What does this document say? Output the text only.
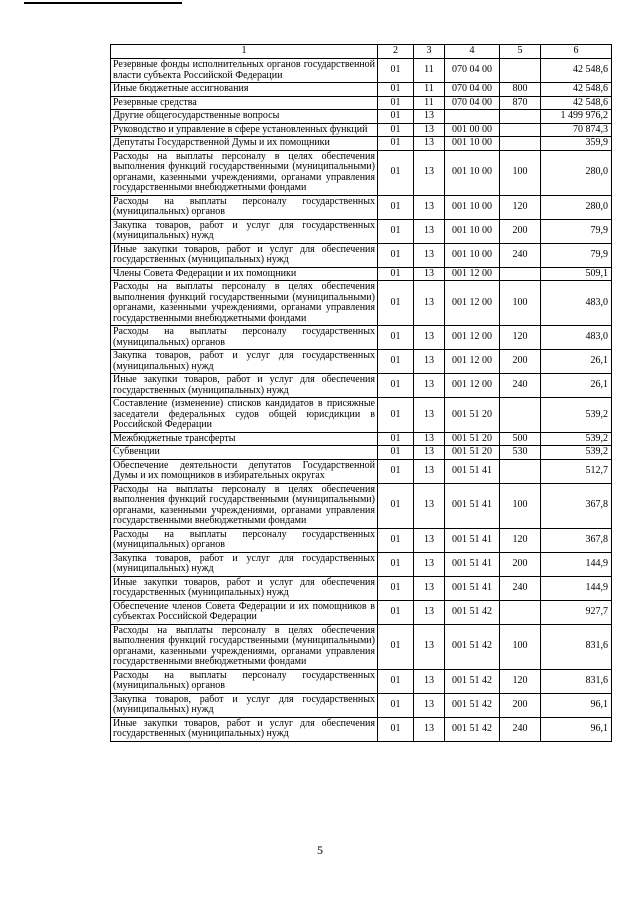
1	2	3	4	5	6
Резервные фонды исполнительных органов государственной власти субъекта Российской Федерации	01	11	070 04 00		42 548,6
Иные бюджетные ассигнования	01	11	070 04 00	800	42 548,6
Резервные средства	01	11	070 04 00	870	42 548,6
Другие общегосударственные вопросы	01	13			1 499 976,2
Руководство и управление в сфере установленных функций	01	13	001 00 00		70 874,3
Депутаты Государственной Думы и их помощники	01	13	001 10 00		359,9
Расходы на выплаты персоналу в целях обеспечения выполнения функций государственными (муниципальными) органами, казенными учреждениями, органами управления государственными внебюджетными фондами	01	13	001 10 00	100	280,0
Расходы на выплаты персоналу государственных (муниципальных) органов	01	13	001 10 00	120	280,0
Закупка товаров, работ и услуг для государственных (муниципальных) нужд	01	13	001 10 00	200	79,9
Иные закупки товаров, работ и услуг для обеспечения государственных (муниципальных) нужд	01	13	001 10 00	240	79,9
Члены Совета Федерации и их помощники	01	13	001 12 00		509,1
Расходы на выплаты персоналу в целях обеспечения выполнения функций государственными (муниципальными) органами, казенными учреждениями, органами управления государственными внебюджетными фондами	01	13	001 12 00	100	483,0
Расходы на выплаты персоналу государственных (муниципальных) органов	01	13	001 12 00	120	483,0
Закупка товаров, работ и услуг для государственных (муниципальных) нужд	01	13	001 12 00	200	26,1
Иные закупки товаров, работ и услуг для обеспечения государственных (муниципальных) нужд	01	13	001 12 00	240	26,1
Составление (изменение) списков кандидатов в присяжные заседатели федеральных судов общей юрисдикции в Российской Федерации	01	13	001 51 20		539,2
Межбюджетные трансферты	01	13	001 51 20	500	539,2
Субвенции	01	13	001 51 20	530	539,2
Обеспечение деятельности депутатов Государственной Думы и их помощников в избирательных округах	01	13	001 51 41		512,7
Расходы на выплаты персоналу в целях обеспечения выполнения функций государственными (муниципальными) органами, казенными учреждениями, органами управления государственными внебюджетными фондами	01	13	001 51 41	100	367,8
Расходы на выплаты персоналу государственных (муниципальных) органов	01	13	001 51 41	120	367,8
Закупка товаров, работ и услуг для государственных (муниципальных) нужд	01	13	001 51 41	200	144,9
Иные закупки товаров, работ и услуг для обеспечения государственных (муниципальных) нужд	01	13	001 51 41	240	144,9
Обеспечение членов Совета Федерации и их помощников в субъектах Российской Федерации	01	13	001 51 42		927,7
Расходы на выплаты персоналу в целях обеспечения выполнения функций государственными (муниципальными) органами, казенными учреждениями, органами управления государственными внебюджетными фондами	01	13	001 51 42	100	831,6
Расходы на выплаты персоналу государственных (муниципальных) органов	01	13	001 51 42	120	831,6
Закупка товаров, работ и услуг для государственных (муниципальных) нужд	01	13	001 51 42	200	96,1
Иные закупки товаров, работ и услуг для обеспечения государственных (муниципальных) нужд	01	13	001 51 42	240	96,1
5
